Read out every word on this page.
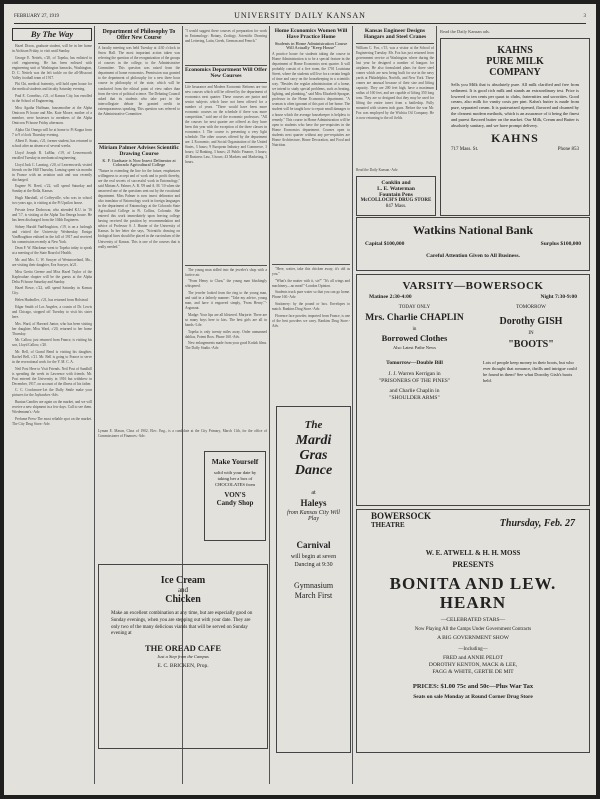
FEBRUARY 27, 1919	UNIVERSITY DAILY KANSAN	3
By The Way
Hazel Dixon, graduate student, will be in her home in Atchison Friday, to visit until Sunday.
George E. Nettels, c'20, of Topeka, has enlisted in civil engineering. He has been enlisted with engineering unit at Washington barracks, Washington, D. C. Nettels was the left tackle on the all-Missouri Valley football team of 1917.
Phi Chi, medical fraternity, will hold open house for the medical students and faculty Saturday evening.
Paul E. Cornelius, c'21, of Kansas City, has enrolled in the School of Engineering.
Miss Agatha Huffman, housemother at the Alpha Omicron Pi house and Mrs. Kate Moore, mother of a member, were hostesses to members of the Alpha Omicron Pi house Friday afternoon.
Alpha Chi Omega will be at home to Pi Kappa from 7 to 9 o'clock Thursday evening.
Albert E. Staats, c'21, former student, has returned to school after an absence of several weeks.
Lloyd Joseph R. LaMar, c'19, of Leavenworth enrolled Tuesday in mechanical engineering.
Lloyd Jack C. Lansing, c'20, of Leavenworth, visited friends on the Hill Thursday. Lansing spent six months in France with an aviation unit and was recently discharged.
Eugene W. Reed, c'22, will spend Saturday and Sunday at the Rolla, Kansas.
Hugh Marshall, of Coffeyville, who was in school two years ago, is visiting at the Pi Upsilon house.
Private Jesse Dodrowar, who attended K.U. in '16 and '17, is visiting at the Alpha Tau Omega house. He has been discharged from the 104th Engineers.
Sidney Harold VanHoughton, c'19, is on a furlough and visited the University Wednesday. Ensign VanHoughton enlisted in the fall of 1917 and received his commission recently at New York.
Dean F. W. Blackmar went to Topeka today to speak at a meeting of the State Board of Health.
Mr. and Mrs. C. W. Sawyer of Westmoreland, Mo., are visiting their daughter, Eva Sawyer, fa'21.
Miss Gretta Greene and Miss Hazel Taylor of the Kaplecahae chapter will be the guests at the Alpha Delta Pi house Saturday and Sunday.
Hazel Rowe, c'22, will spend Saturday in Kansas City.
Helen Hudnoller, c'21, has returned from Holstead.
Edgar Smith of Los Angeles, a cousin of Dr. Lewis and Chicago, stopped off Tuesday to visit his sister here.
Mrs. Ward, of Harvard Junior, who has been visiting her daughter, Miss Ward, c'20, returned to her home Thursday.
Mr. Callow, just returned from France, is visiting his son, Lloyd Callow, c'20.
Mr. Bell, of Grand Bend is visiting his daughter, Rachel Bell, c'21. Mr. Bell is going to France to serve in the recreational work for the Y. M. C. A.
Neil Post Here to Visit Friends. Neil Post of Sandhill is spending the week in Lawrence with friends. Mr. Post entered the University in 1916 but withdrew in December, 1917, on account of the illness of his father.
C. C. Crockmore-Let the Daffy Smile make your pictures for the Jayhawker.-Adv.
Buntan Candies are again on the market, and we will receive a new shipment in a few days. Call to see them. Wiedemann's.-Adv.
Perfume Press-The most reliable spot on the market. The City Drug Store.-Adv.
Department of Philosophy To Offer New Course
A faculty meeting was held Tuesday at 4:30 o'clock in Snow Hall. The most important action taken was referring the question of the reorganization of the groups of courses in the college, to the Administrative Committee. This question was raised from the department of home economics. Permission was granted to the department of philosophy for a new three hour course in philosophy of the state, which will be conducted from the ethical point of view rather than from the view of political science. The Debating Council asked that its students who take part in the intercollegiate debate be granted credit in extemporaneous speaking. This question was referred to the Administrative Committee.
Miriam Palmer Advises Scientific Drawing Course
K. F. Graduate is Now Insect Delineator at Colorado Agricultural College
"Nature in extending the line for the future, emphasizes willingness to accept and of work and to profit thereby, are the real secrets of successful work in Entomology," said Miriam A. Palmer, A. B. '09 and A. M. '10 when she answered one of the questions sent out by the vocational department. Miss Palmer is now insect delineator and also translator of Entomology work in foreign languages in the department of Entomology at the Colorado State Agricultural College in Ft. Collins, Colorado. She entered this work immediately upon leaving college having received the position by recommendation and advice of Professor S. J. Hunter of the University of Kansas. In her letter she says, "Scientific drawing on biological lines should be placed in the curriculum of the University of Kansas. This is one of the courses that is really needed."
"I would suggest these courses of preparation for work in Entomology: Botany, Zoology, Scientific Drawing and Lettering, Latin, Greek, German and French."
Economics Department Will Offer New Courses
Life Insurance and Modern Economic Reforms are two new courses which will be offered by the department of economics next quarter. These courses are junior and senior subjects which have not been offered for a number of years. "There would have been more economic courses on the schedule if there was more competition," said one of the economic professors. "All the courses for next quarter are offered as they have been this year with the exception of the three classes in economics I. The course is presenting a very light schedule. The other courses offered by the department are: 2 Economic; and Social Organization of the United States, 3 hours; 9 European Industry and Commerce, 3 hours; 12 Banking, 3 hours; 21 Public Finance, 3 hours; 40 Business Law, 3 hours; 43 Markets and Marketing, 3 hours.
The young man sidled into the jeweler's shop with a furtive air.
"From Henry to Clara," the young man blushingly whispered.
The jeweler looked from the ring to the young man, and said in a fatherly manner: "Take my advice, young man, and have it engraved simply, 'From Henry'."-Argonaut.
Madge: Your lips are all blistered. Marjorie: There are so many boys here to kiss. The best girls are all in bands.-Life.
Topeka is only twenty miles away. Order unmanned dahlias, Potent Bros. Phone 160.-Adv.
New enlargements made from your good Kodak films. The Daffy Studio.-Adv.
Lyman E. Mason, Class of 1902, Elec. Eng., is a candidate at the City Primary, March 11th, for the office of Commissioner of Finances.-Adv.
Make Yourself
solid with your date by taking her a box of CHOCOLATES from
VON'S
Candy Shop
Ice Cream
and
Chicken
Make an excellent combination at any time, but are especially good on Sunday evenings, when you are stepping out with your date. They are only two of the many delicious viands that will be served on Sunday evening at
THE OREAD CAFE
Just a Step from the Campus
E. C. BRICKEN, Prop.
Home Economics Women Will Have Practice Home
Students in Home Administration Course Will Actually "Keep House"
A practice house for students taking the course in Home Administration is to be a special feature in the department of Home Economics next quarter. It will probably consist of a five room, the 1701 Louisiana Street, where the students will live for a certain length of time and carry on the housekeeping in a scientific way. "Besides the regular administration of a home, we intend to study special problems, such as heating, lighting, and plumbing," said Miss Elizabeth Sprague, professor in the Home Economics department. "A woman is often ignorant of this part of her home. The student will be taught how to repair small damages to a house which the average housekeeper is helpless to remedy." This course in Home Administration will be open to students who have the pre-requisites in the Home Economics department. Courses open to students next quarter without any pre-requisites are Home Architecture, Home Decoration, and Food and Nutrition.
"Here, waiter, take this chicken away; it's old as you."
"What's the matter with it, sir?" "It's all wings and machinery—no meat!"-London Opinion.
Students truck pure water so that you can go home. Phone 160.-Adv.
Stationery: by the pound or box. Envelopes to match. Rankins Drug Store.-Adv.
Florence face powder, imported from France, is one of the best powders we carry. Rankins Drug Store.-Adv.
The
Mardi Gras Dance
at
Haleys
from Kansas City Will Play
Carnival
will begin at seven Dancing at 9:30
Gymnasium March First
Kansas Engineer Designs Hangars and Steel Cranes
William C. Fox, c'15, was a visitor at the School of Engineering Tuesday. Mr. Fox has just returned from government service at Washington where during the last year he designed a number of hangars for airplanes. He also formulated plans for three steel cranes which are now being built for use in the navy yards at Philadelphia, Norfolk, and New York. These cranes are unusual because of their size and lifting capacity. They are 200 feet high, have a maximum radius of 160 feet, and are capable of lifting 350 long tons. They are so designed that they may be used for lifting the entire turret from a battleship. Fully mounted with sixteen inch guns. Before the war Mr. Fox was employed by the Wichita Oil Company. He is now returning to the oil fields.
Read the Daily Kansan.-Adv.
Conklin and
L. E. Waterman
Fountain Pens
McCOLLOCH'S DRUG STORE
847 Mass.
Read the Daily Kansan ads.
KAHNS
PURE MILK
COMPANY
Sells you Milk that is absolutely pure. All milk clarified and free from sediment. It is good rich milk and stands an extraordinary test. Price is lowered to ten cents per quart to clubs, fraternities and sororities. Good cream, also milk for vanity costs per pint. Kahn's butter is made from pure, separated cream. It is pasteurized ripened, flavored and churned by the cleanest modern methods, which is an assurance of it being the finest and purest flavored butter on the market. Our Milk, Cream and Butter is absolutely sanitary, and we have prompt delivery.
KAHNS
717 Mass. St.	Phone 853
Watkins National Bank
Capital $100,000	Surplus $100,000
Careful Attention Given to All Business.
VARSITY—BOWERSOCK
Matinee 2:30-4:00	Night 7:30-9:00
TODAY ONLY
Mrs. Charlie CHAPLIN
in
Borrowed Clothes
Also Latest Pathe News
Tomorrow—Double Bill
J. J. Warren Kerrigan in
"PRISONERS OF THE PINES"
and Charlie Chaplin in
"SHOULDER ARMS"
TOMORROW
Dorothy GISH
IN
"BOOTS"
Lots of people keep money in their boots, but who ever thought that romance, thrills and intrigue could be found in them? See what Dorothy Gish's boots held.
BOWERSOCK
THEATRE	Thursday, Feb. 27
W. E. ATWELL & H. H. MOSS
PRESENTS
BONITA AND LEW. HEARN
—CELEBRATED STARS—
Now Playing All the Camps Under Government Contracts
A BIG GOVERNMENT SHOW
—Including—
FRED and ANNIE PELOT
DOROTHY KENTON, MACK & LEE,
FAGG & WHITE, GERTIE DE MIT
PRICES: $1.00 75c and 50c—Plus War Tax
Seats on sale Monday at Round Corner Drug Store
